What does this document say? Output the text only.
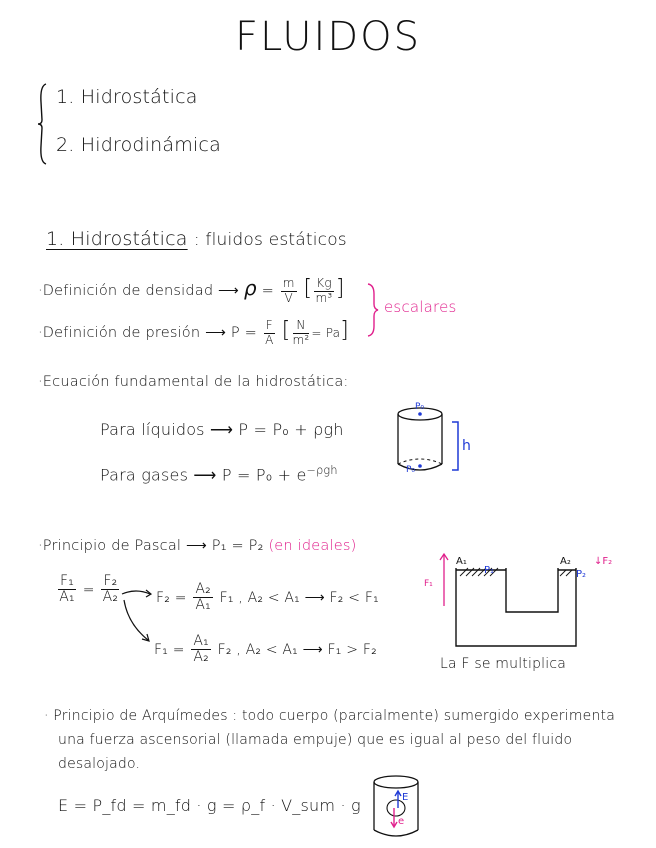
FLUIDOS
1. Hidrostática
2. Hidrodinámica
1. Hidrostática : fluidos estáticos
·Definición de densidad ⟶ $\rho = \frac{m}{V}$ [ $\frac{Kg}{\text{m³}}$ ]
·Definición de presión ⟶ $P = \frac{F}{A}$ [ $\frac{N}{\text{m²}} = Pa$]
escalares
·Ecuación fundamental de la hidrostática:
Para líquidos ⟶ P = P₀ + ρgh
Para gases ⟶ $P = P_0 + e^{-\rho gh}$
P₀
P₀
h
·Principio de Pascal ⟶ P₁ = P₂ (en ideales)
$\frac{\text{F₁}}{\text{A₁}} = \frac{\text{F₂}}{\text{A₂}}$	$F_2 = \frac{\text{A₂}}{\text{A₁}} F_1$ , A₂ < A₁ ⟶ F₂ < F₁
$F_1 = \frac{\text{A₁}}{\text{A₂}} F_2$ , A₂ < A₁ ⟶ F₁ > F₂
A₁	A₂
P₁	P₂
F₁
↓F₂
La F se multiplica
· Principio de Arquímedes : todo cuerpo (parcialmente) sumergido experimenta
una fuerza ascensorial (llamada empuje) que es igual al peso del fluido
desalojado.
E = P_fd = m_fd · g = ρ_f · V_sum · g	E
e
